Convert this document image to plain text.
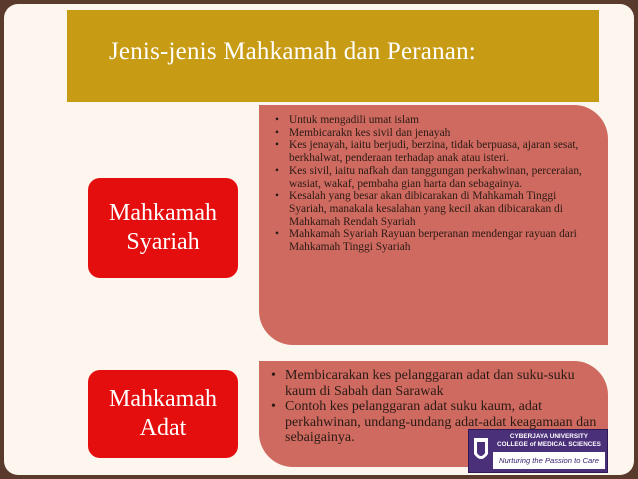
Jenis-jenis Mahkamah dan Peranan:
• Untuk mengadili umat islam
• Membicarakn kes sivil dan jenayah
• Kes jenayah, iaitu berjudi, berzina, tidak berpuasa, ajaran sesat, berkhalwat, penderaan terhadap anak atau isteri.
• Kes sivil, iaitu nafkah dan tanggungan perkahwinan, perceraian, wasiat, wakaf, pembaha gian harta dan sebagainya.
• Kesalah yang besar akan dibicarakan di Mahkamah Tinggi Syariah, manakala kesalahan yang kecil akan dibicarakan di Mahkamah Rendah Syariah
• Mahkamah Syariah Rayuan berperanan mendengar rayuan dari Mahkamah Tinggi Syariah
Mahkamah
Syariah
• Membicarakan kes pelanggaran adat dan suku-suku kaum di Sabah dan Sarawak
• Contoh kes pelanggaran adat suku kaum, adat perkahwinan, undang-undang adat-adat keagamaan dan sebaigainya.
Mahkamah
Adat	CYBERJAYA UNIVERSITY
COLLEGE of MEDICAL SCIENCES
Nurturing the Passion to Care
